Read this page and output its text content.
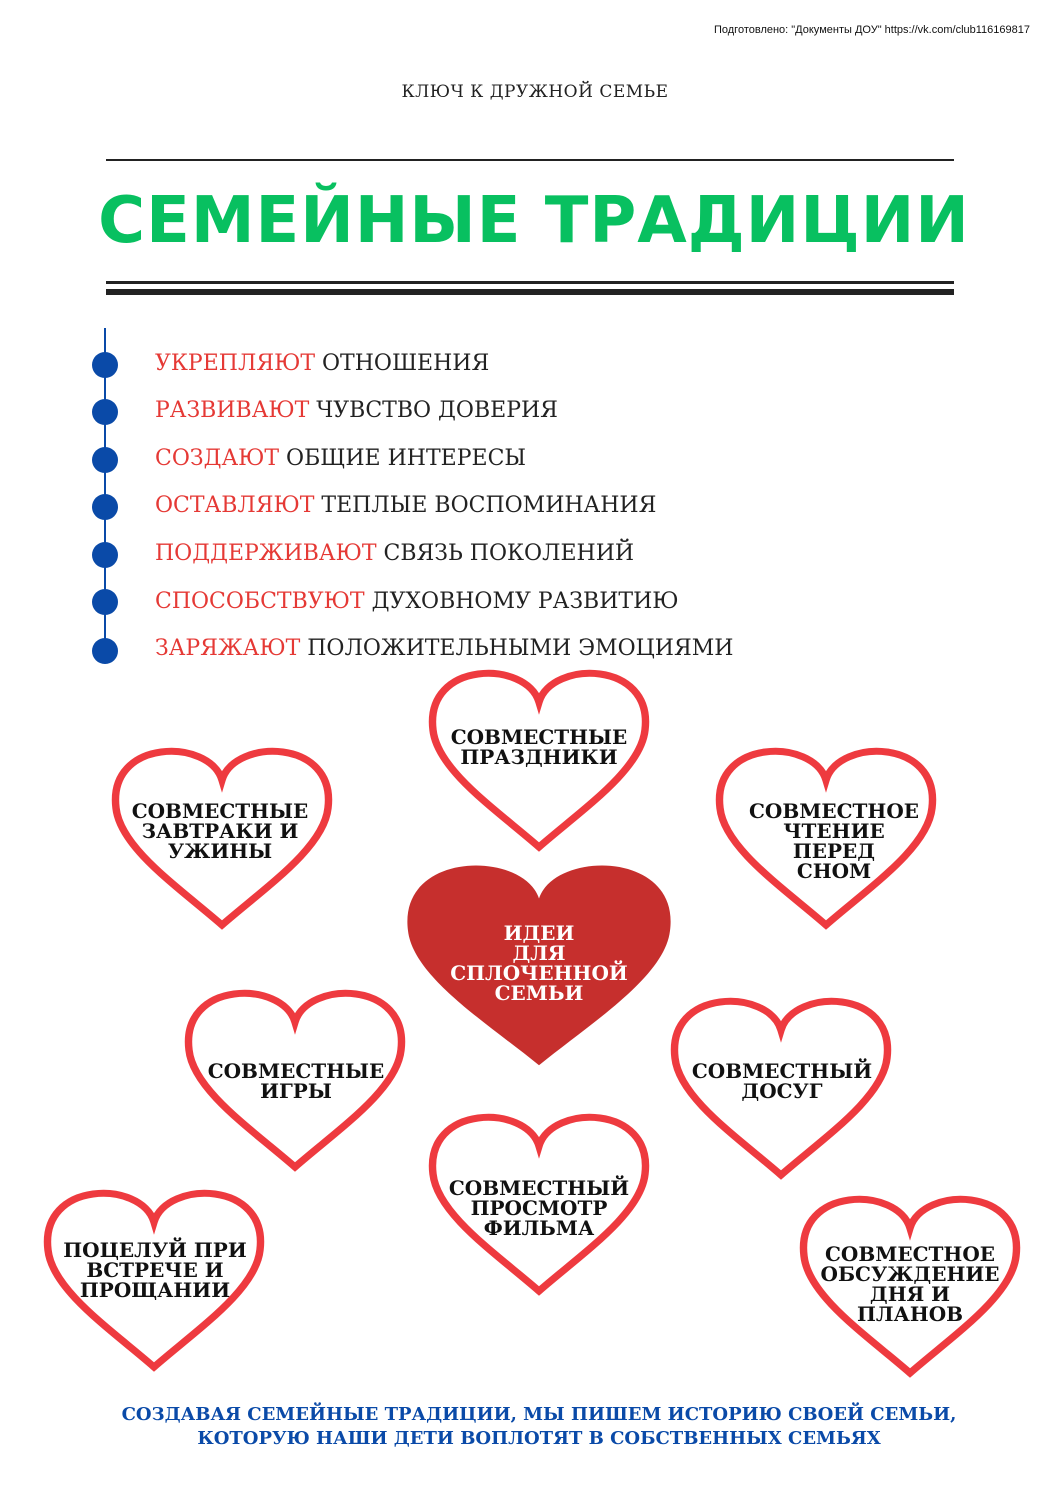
Подготовлено: "Документы ДОУ" https://vk.com/club116169817
КЛЮЧ К ДРУЖНОЙ СЕМЬЕ
СЕМЕЙНЫЕ ТРАДИЦИИ
УКРЕПЛЯЮТ ОТНОШЕНИЯ
РАЗВИВАЮТ ЧУВСТВО ДОВЕРИЯ
СОЗДАЮТ ОБЩИЕ ИНТЕРЕСЫ
ОСТАВЛЯЮТ ТЕПЛЫЕ ВОСПОМИНАНИЯ
ПОДДЕРЖИВАЮТ СВЯЗЬ ПОКОЛЕНИЙ
СПОСОБСТВУЮТ ДУХОВНОМУ РАЗВИТИЮ
ЗАРЯЖАЮТ ПОЛОЖИТЕЛЬНЫМИ ЭМОЦИЯМИ
ИДЕИ
ДЛЯ
СПЛОЧЕННОЙ
СЕМЬИ
СОВМЕСТНЫЕ
ПРАЗДНИКИ
СОВМЕСТНЫЕ
ЗАВТРАКИ И
УЖИНЫ
СОВМЕСТНОЕ
ЧТЕНИЕ
ПЕРЕД
СНОМ
СОВМЕСТНЫЕ
ИГРЫ
СОВМЕСТНЫЙ
ДОСУГ
СОВМЕСТНЫЙ
ПРОСМОТР
ФИЛЬМА
ПОЦЕЛУЙ ПРИ
ВСТРЕЧЕ И
ПРОЩАНИИ
СОВМЕСТНОЕ
ОБСУЖДЕНИЕ
ДНЯ И
ПЛАНОВ
СОЗДАВАЯ СЕМЕЙНЫЕ ТРАДИЦИИ, МЫ ПИШЕМ ИСТОРИЮ СВОЕЙ СЕМЬИ,
КОТОРУЮ НАШИ ДЕТИ ВОПЛОТЯТ В СОБСТВЕННЫХ СЕМЬЯХ
